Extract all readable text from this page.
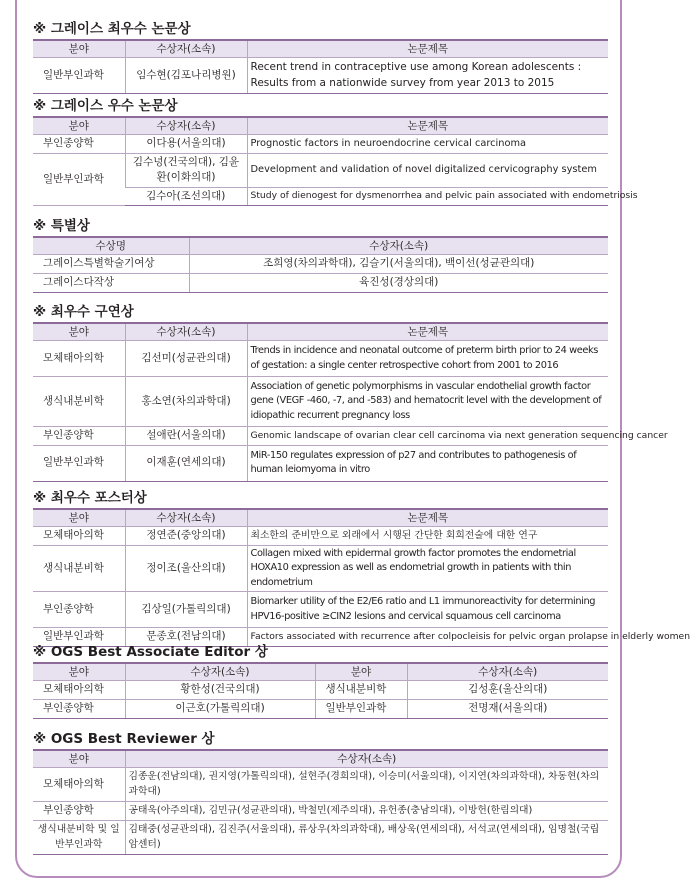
※ 그레이스 최우수 논문상
분야	수상자(소속)	논문제목
일반부인과학	임수현(김포나리병원)	Recent trend in contraceptive use among Korean adolescents : Results from a nationwide survey from year 2013 to 2015
※ 그레이스 우수 논문상
분야	수상자(소속)	논문제목
부인종양학	이다용(서울의대)	Prognostic factors in neuroendocrine cervical carcinoma
일반부인과학	김수녕(건국의대), 김윤환(이화의대)	Development and validation of novel digitalized cervicography system
	김수아(조선의대)	Study of dienogest for dysmenorrhea and pelvic pain associated with endometriosis
※ 특별상
수상명	수상자(소속)
그레이스특별학술기여상	조희영(차의과학대), 김슬기(서울의대), 백이선(성균관의대)
그레이스다작상	육진성(경상의대)
※ 최우수 구연상
분야	수상자(소속)	논문제목
모체태아의학	김선미(성균관의대)	Trends in incidence and neonatal outcome of preterm birth prior to 24 weeks of gestation: a single center retrospective cohort from 2001 to 2016
생식내분비학	홍소연(차의과학대)	Association of genetic polymorphisms in vascular endothelial growth factor gene (VEGF -460, -7, and -583) and hematocrit level with the development of idiopathic recurrent pregnancy loss
부인종양학	설애란(서울의대)	Genomic landscape of ovarian clear cell carcinoma via next generation sequencing cancer
일반부인과학	이재훈(연세의대)	MiR-150 regulates expression of p27 and contributes to pathogenesis of human leiomyoma in vitro
※ 최우수 포스터상
분야	수상자(소속)	논문제목
모체태아의학	정연준(중앙의대)	최소한의 준비만으로 외래에서 시행된 간단한 회희전술에 대한 연구
생식내분비학	정이조(울산의대)	Collagen mixed with epidermal growth factor promotes the endometrial HOXA10 expression as well as endometrial growth in patients with thin endometrium
부인종양학	김상일(가톨릭의대)	Biomarker utility of the E2/E6 ratio and L1 immunoreactivity for determining HPV16-positive ≥CIN2 lesions and cervical squamous cell carcinoma
일반부인과학	문종호(전남의대)	Factors associated with recurrence after colpocleisis for pelvic organ prolapse in elderly women
※ OGS Best Associate Editor 상
분야	수상자(소속)	분야	수상자(소속)
모체태아의학	황한성(건국의대)	생식내분비학	김성훈(울산의대)
부인종양학	이근호(가톨릭의대)	일반부인과학	전명재(서울의대)
※ OGS Best Reviewer 상
분야	수상자(소속)
모체태아의학	김종운(전남의대), 권지영(가톨릭의대), 설현주(경희의대), 이승미(서울의대), 이지연(차의과학대), 차동현(차의과학대)
부인종양학	공태욱(아주의대), 김민규(성균관의대), 박철민(제주의대), 유헌종(충남의대), 이방헌(한림의대)
생식내분비학 및 일반부인과학	김태중(성균관의대), 김진주(서울의대), 류상우(차의과학대), 배상욱(연세의대), 서석교(연세의대), 임명철(국립암센터)
